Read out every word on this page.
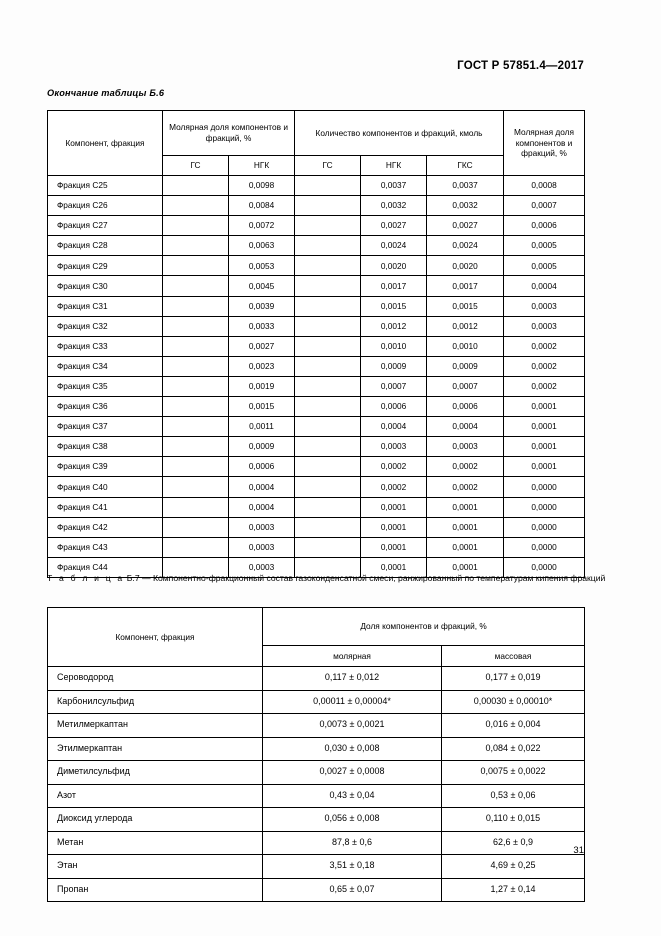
ГОСТ Р 57851.4—2017
Окончание таблицы Б.6
Компонент, фракция	Молярная доля компонентов и фракций, %		Количество компонентов и фракций, кмоль			Молярная доля компонентов и фракций, %
	ГС	НГК	ГС	НГК	ГКС	
Фракция С25		0,0098		0,0037	0,0037	0,0008
Фракция С26		0,0084		0,0032	0,0032	0,0007
Фракция С27		0,0072		0,0027	0,0027	0,0006
Фракция С28		0,0063		0,0024	0,0024	0,0005
Фракция С29		0,0053		0,0020	0,0020	0,0005
Фракция С30		0,0045		0,0017	0,0017	0,0004
Фракция С31		0,0039		0,0015	0,0015	0,0003
Фракция С32		0,0033		0,0012	0,0012	0,0003
Фракция С33		0,0027		0,0010	0,0010	0,0002
Фракция С34		0,0023		0,0009	0,0009	0,0002
Фракция С35		0,0019		0,0007	0,0007	0,0002
Фракция С36		0,0015		0,0006	0,0006	0,0001
Фракция С37		0,0011		0,0004	0,0004	0,0001
Фракция С38		0,0009		0,0003	0,0003	0,0001
Фракция С39		0,0006		0,0002	0,0002	0,0001
Фракция С40		0,0004		0,0002	0,0002	0,0000
Фракция С41		0,0004		0,0001	0,0001	0,0000
Фракция С42		0,0003		0,0001	0,0001	0,0000
Фракция С43		0,0003		0,0001	0,0001	0,0000
Фракция С44		0,0003		0,0001	0,0001	0,0000
Т а б л и ц а Б.7 — Компонентно-фракционный состав газоконденсатной смеси, ранжированный по температурам кипения фракций
Компонент, фракция	Доля компонентов и фракций, %	
	молярная	массовая
Сероводород	0,117 ± 0,012	0,177 ± 0,019
Карбонилсульфид	0,00011 ± 0,00004*	0,00030 ± 0,00010*
Метилмеркаптан	0,0073 ± 0,0021	0,016 ± 0,004
Этилмеркаптан	0,030 ± 0,008	0,084 ± 0,022
Диметилсульфид	0,0027 ± 0,0008	0,0075 ± 0,0022
Азот	0,43 ± 0,04	0,53 ± 0,06
Диоксид углерода	0,056 ± 0,008	0,110 ± 0,015
Метан	87,8 ± 0,6	62,6 ± 0,9
Этан	3,51 ± 0,18	4,69 ± 0,25
Пропан	0,65 ± 0,07	1,27 ± 0,14
31
